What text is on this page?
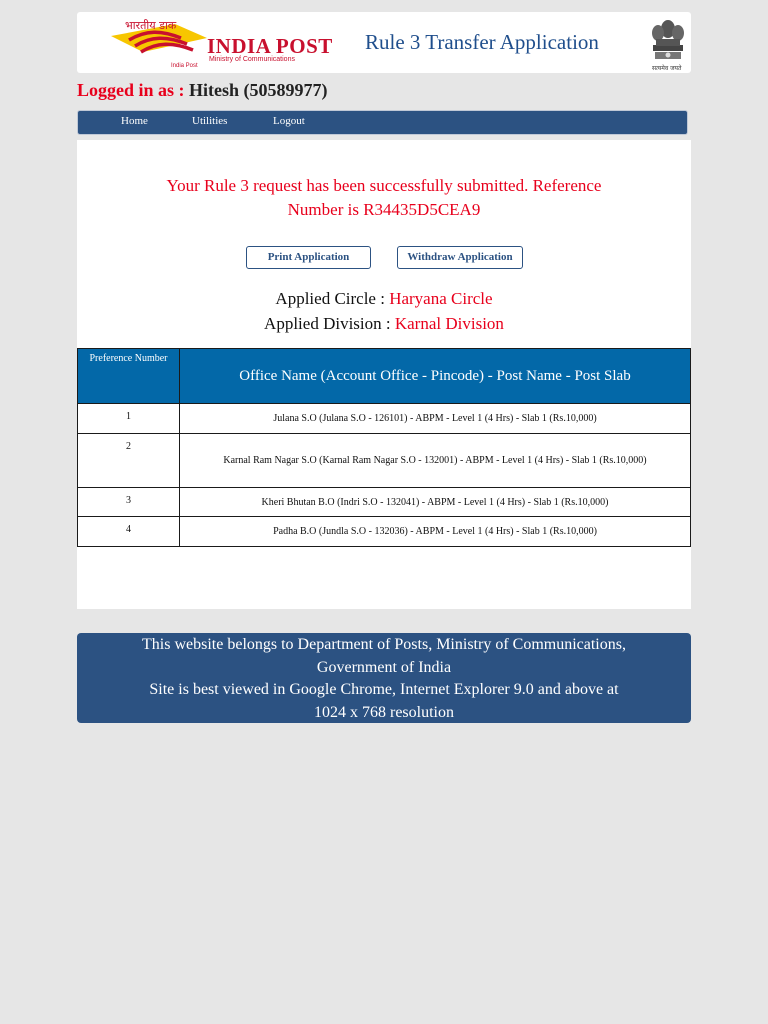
भारतीय डाक
INDIA POST
Ministry of Communications
India Post
Rule 3 Transfer Application
सत्यमेव जयते
Logged in as : Hitesh (50589977)
Home	Utilities	Logout
Your Rule 3 request has been successfully submitted. Reference
Number is R34435D5CEA9
Print Application	Withdraw Application
Applied Circle : Haryana Circle
Applied Division : Karnal Division
Preference Number	Office Name (Account Office - Pincode) - Post Name - Post Slab
1	Julana S.O (Julana S.O - 126101) - ABPM - Level 1 (4 Hrs) - Slab 1 (Rs.10,000)
2	Karnal Ram Nagar S.O (Karnal Ram Nagar S.O - 132001) - ABPM - Level 1 (4 Hrs) - Slab 1 (Rs.10,000)
3	Kheri Bhutan B.O (Indri S.O - 132041) - ABPM - Level 1 (4 Hrs) - Slab 1 (Rs.10,000)
4	Padha B.O (Jundla S.O - 132036) - ABPM - Level 1 (4 Hrs) - Slab 1 (Rs.10,000)
This website belongs to Department of Posts, Ministry of Communications,
Government of India
Site is best viewed in Google Chrome, Internet Explorer 9.0 and above at
1024 x 768 resolution
